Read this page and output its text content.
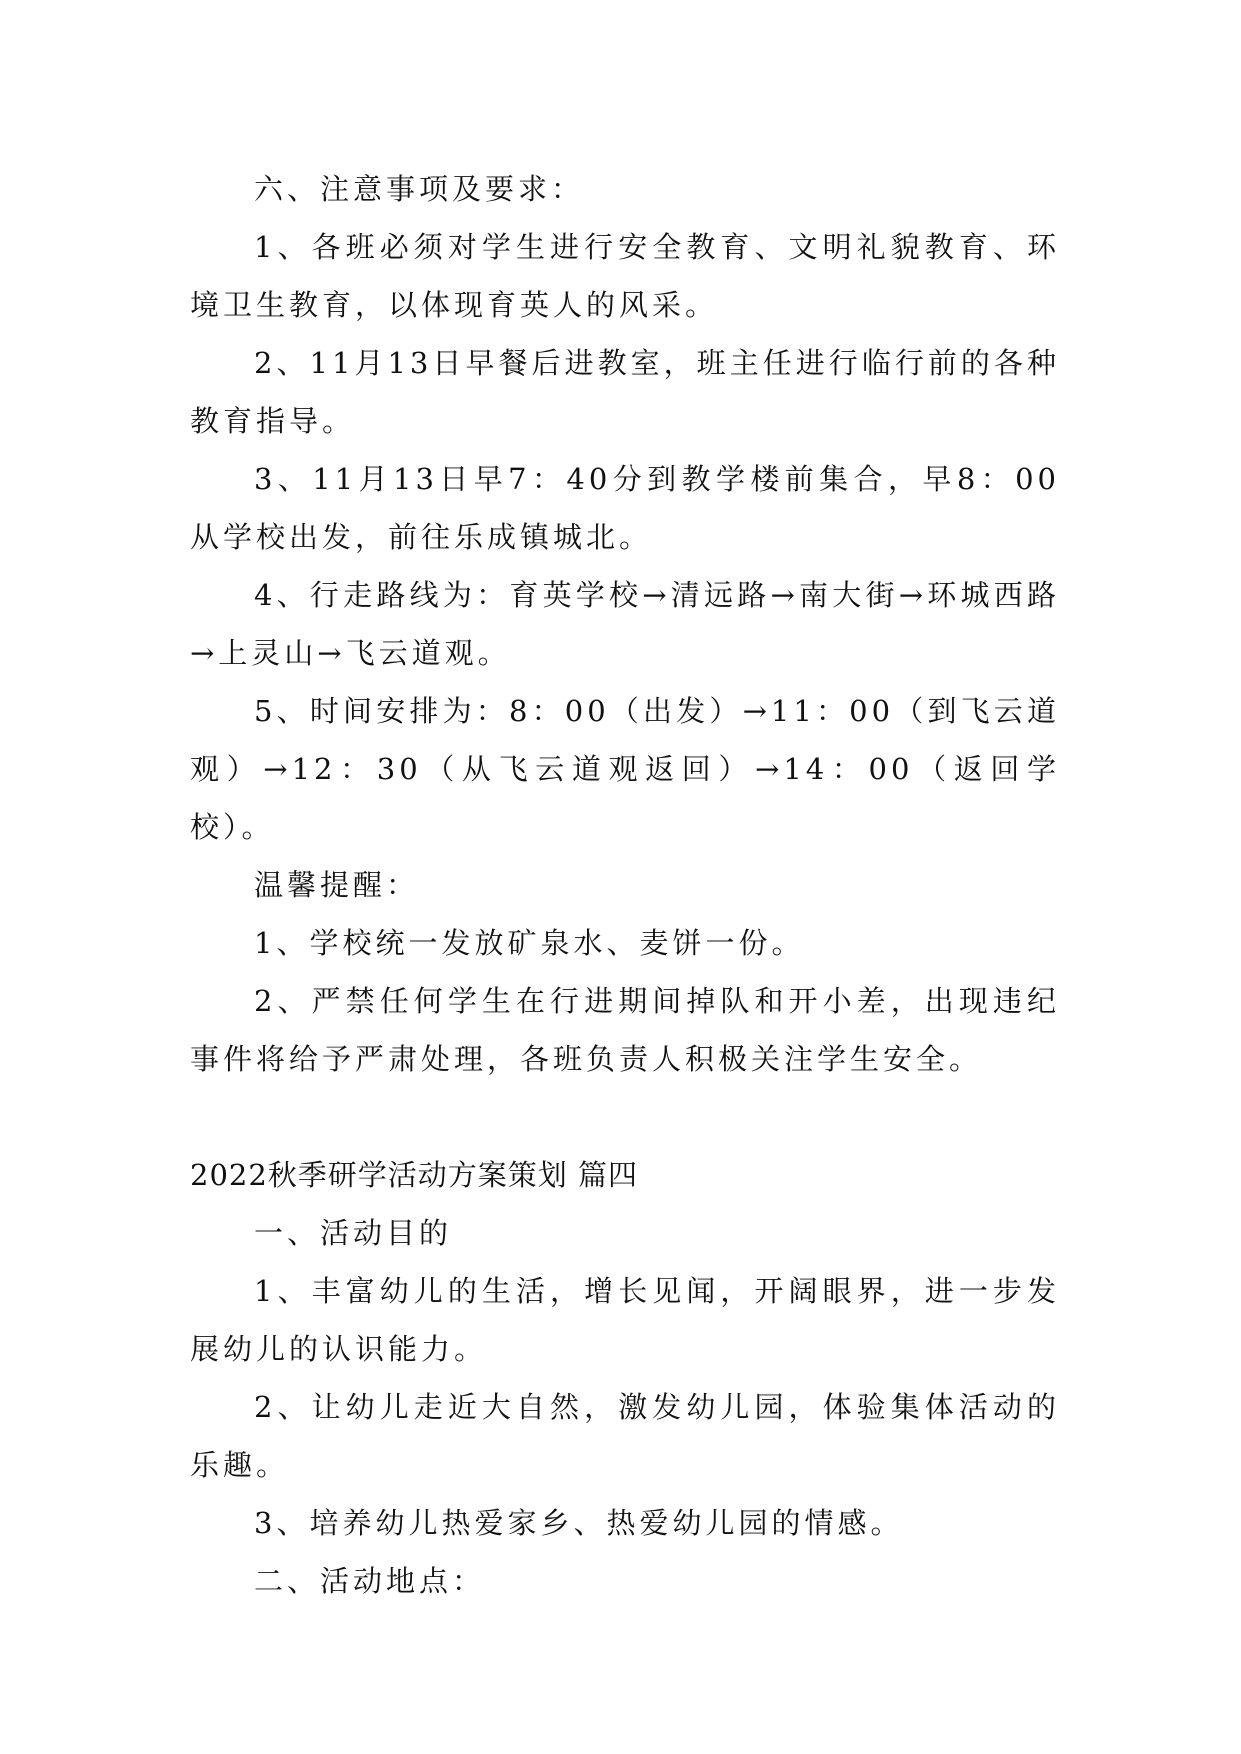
六、注意事项及要求：

1、各班必须对学生进行安全教育、文明礼貌教育、环境卫生教育，以体现育英人的风采。

2、11月13日早餐后进教室，班主任进行临行前的各种教育指导。

3、11月13日早7：40分到教学楼前集合，早8：00从学校出发，前往乐成镇城北。

4、行走路线为：育英学校→清远路→南大街→环城西路→上灵山→飞云道观。

5、时间安排为：8：00（出发）→11：00（到飞云道观）→12：30（从飞云道观返回）→14：00（返回学校）。

温馨提醒：

1、学校统一发放矿泉水、麦饼一份。

2、严禁任何学生在行进期间掉队和开小差，出现违纪事件将给予严肃处理，各班负责人积极关注学生安全。

2022秋季研学活动方案策划 篇四

一、活动目的

1、丰富幼儿的生活，增长见闻，开阔眼界，进一步发展幼儿的认识能力。

2、让幼儿走近大自然，激发幼儿园，体验集体活动的乐趣。

3、培养幼儿热爱家乡、热爱幼儿园的情感。

二、活动地点：
